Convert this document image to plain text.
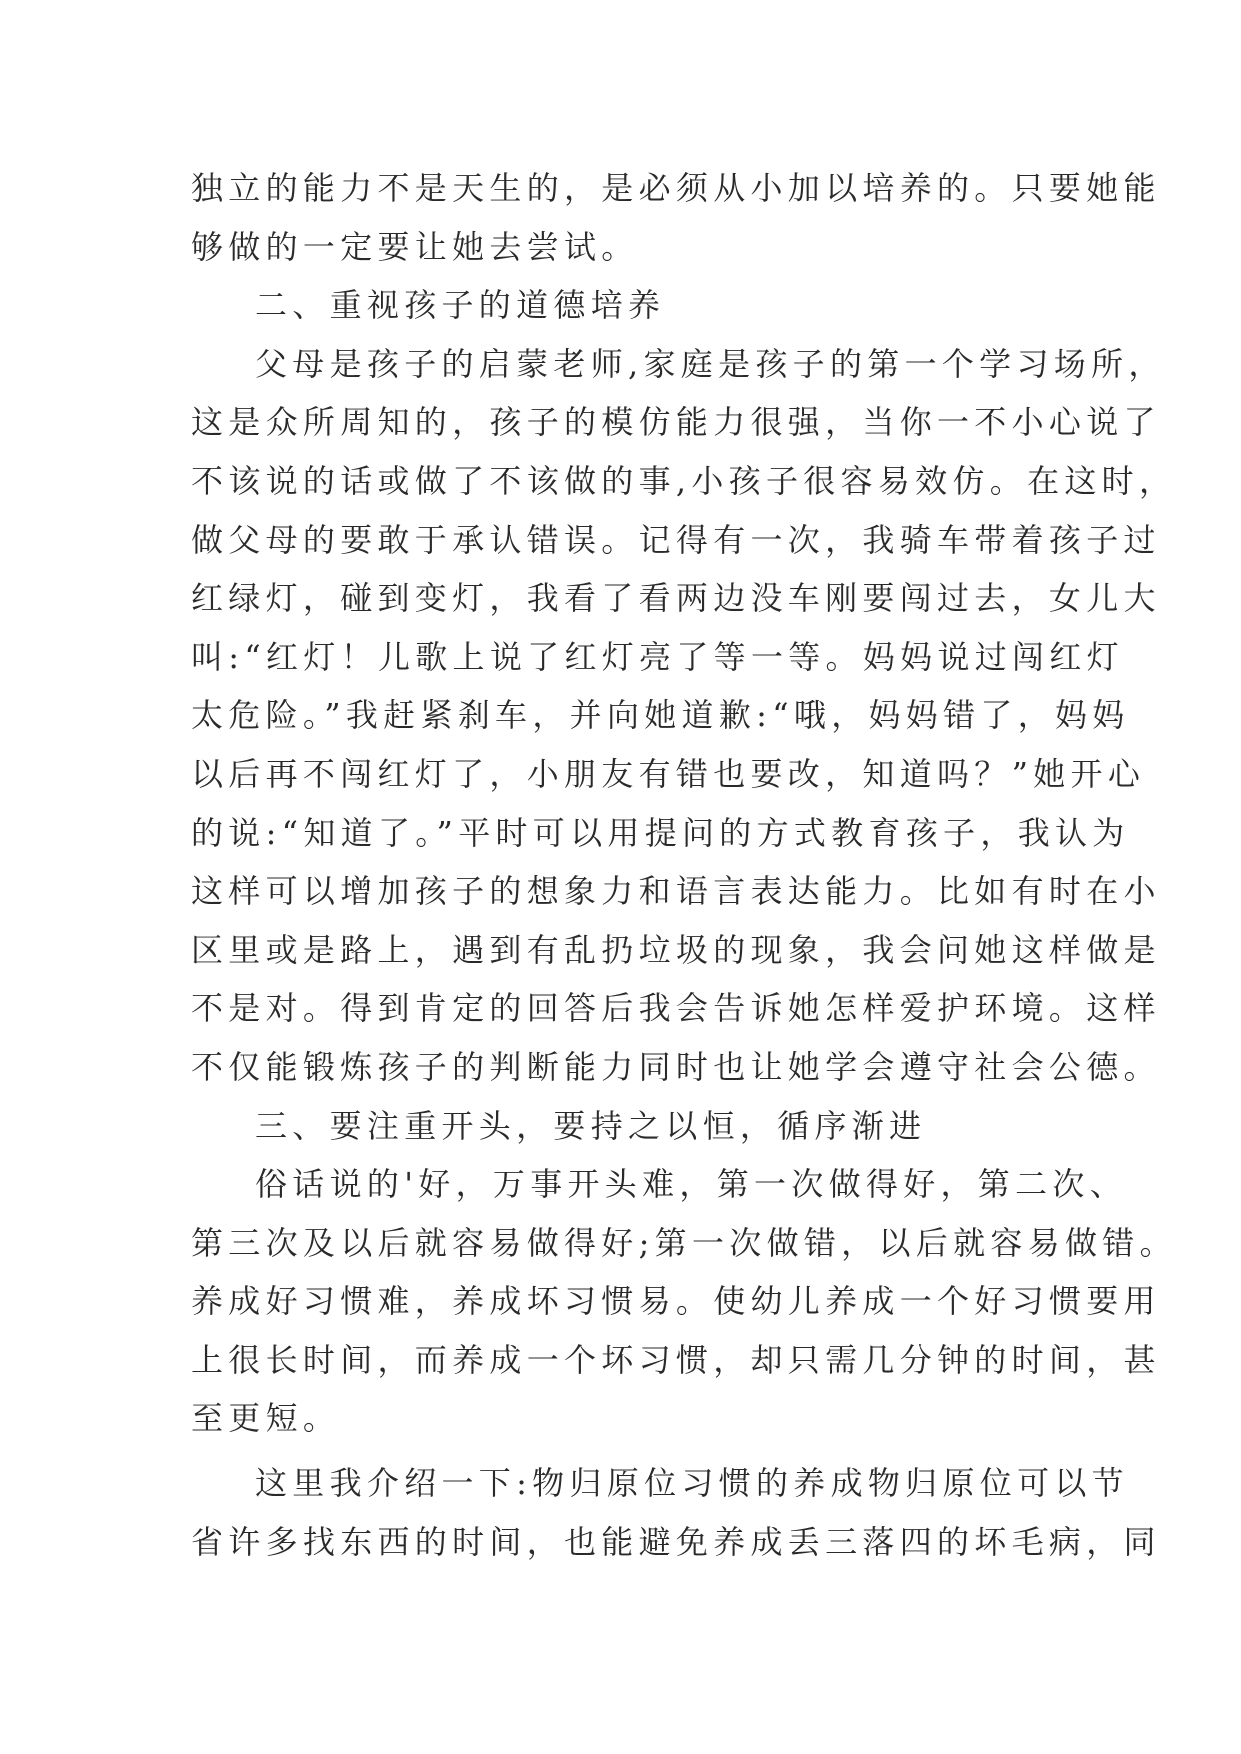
独立的能力不是天生的，是必须从小加以培养的。只要她能
够做的一定要让她去尝试。
二、重视孩子的道德培养
父母是孩子的启蒙老师,家庭是孩子的第一个学习场所，
这是众所周知的，孩子的模仿能力很强，当你一不小心说了
不该说的话或做了不该做的事,小孩子很容易效仿。在这时，
做父母的要敢于承认错误。记得有一次，我骑车带着孩子过
红绿灯，碰到变灯，我看了看两边没车刚要闯过去，女儿大
叫:“红灯！儿歌上说了红灯亮了等一等。妈妈说过闯红灯
太危险。”我赶紧刹车，并向她道歉:“哦，妈妈错了，妈妈
以后再不闯红灯了，小朋友有错也要改，知道吗？”她开心
的说:“知道了。”平时可以用提问的方式教育孩子，我认为
这样可以增加孩子的想象力和语言表达能力。比如有时在小
区里或是路上，遇到有乱扔垃圾的现象，我会问她这样做是
不是对。得到肯定的回答后我会告诉她怎样爱护环境。这样
不仅能锻炼孩子的判断能力同时也让她学会遵守社会公德。
三、要注重开头，要持之以恒，循序渐进
俗话说的'好，万事开头难，第一次做得好，第二次、
第三次及以后就容易做得好;第一次做错，以后就容易做错。
养成好习惯难，养成坏习惯易。使幼儿养成一个好习惯要用
上很长时间，而养成一个坏习惯，却只需几分钟的时间，甚
至更短。
这里我介绍一下:物归原位习惯的养成物归原位可以节
省许多找东西的时间，也能避免养成丢三落四的坏毛病，同
